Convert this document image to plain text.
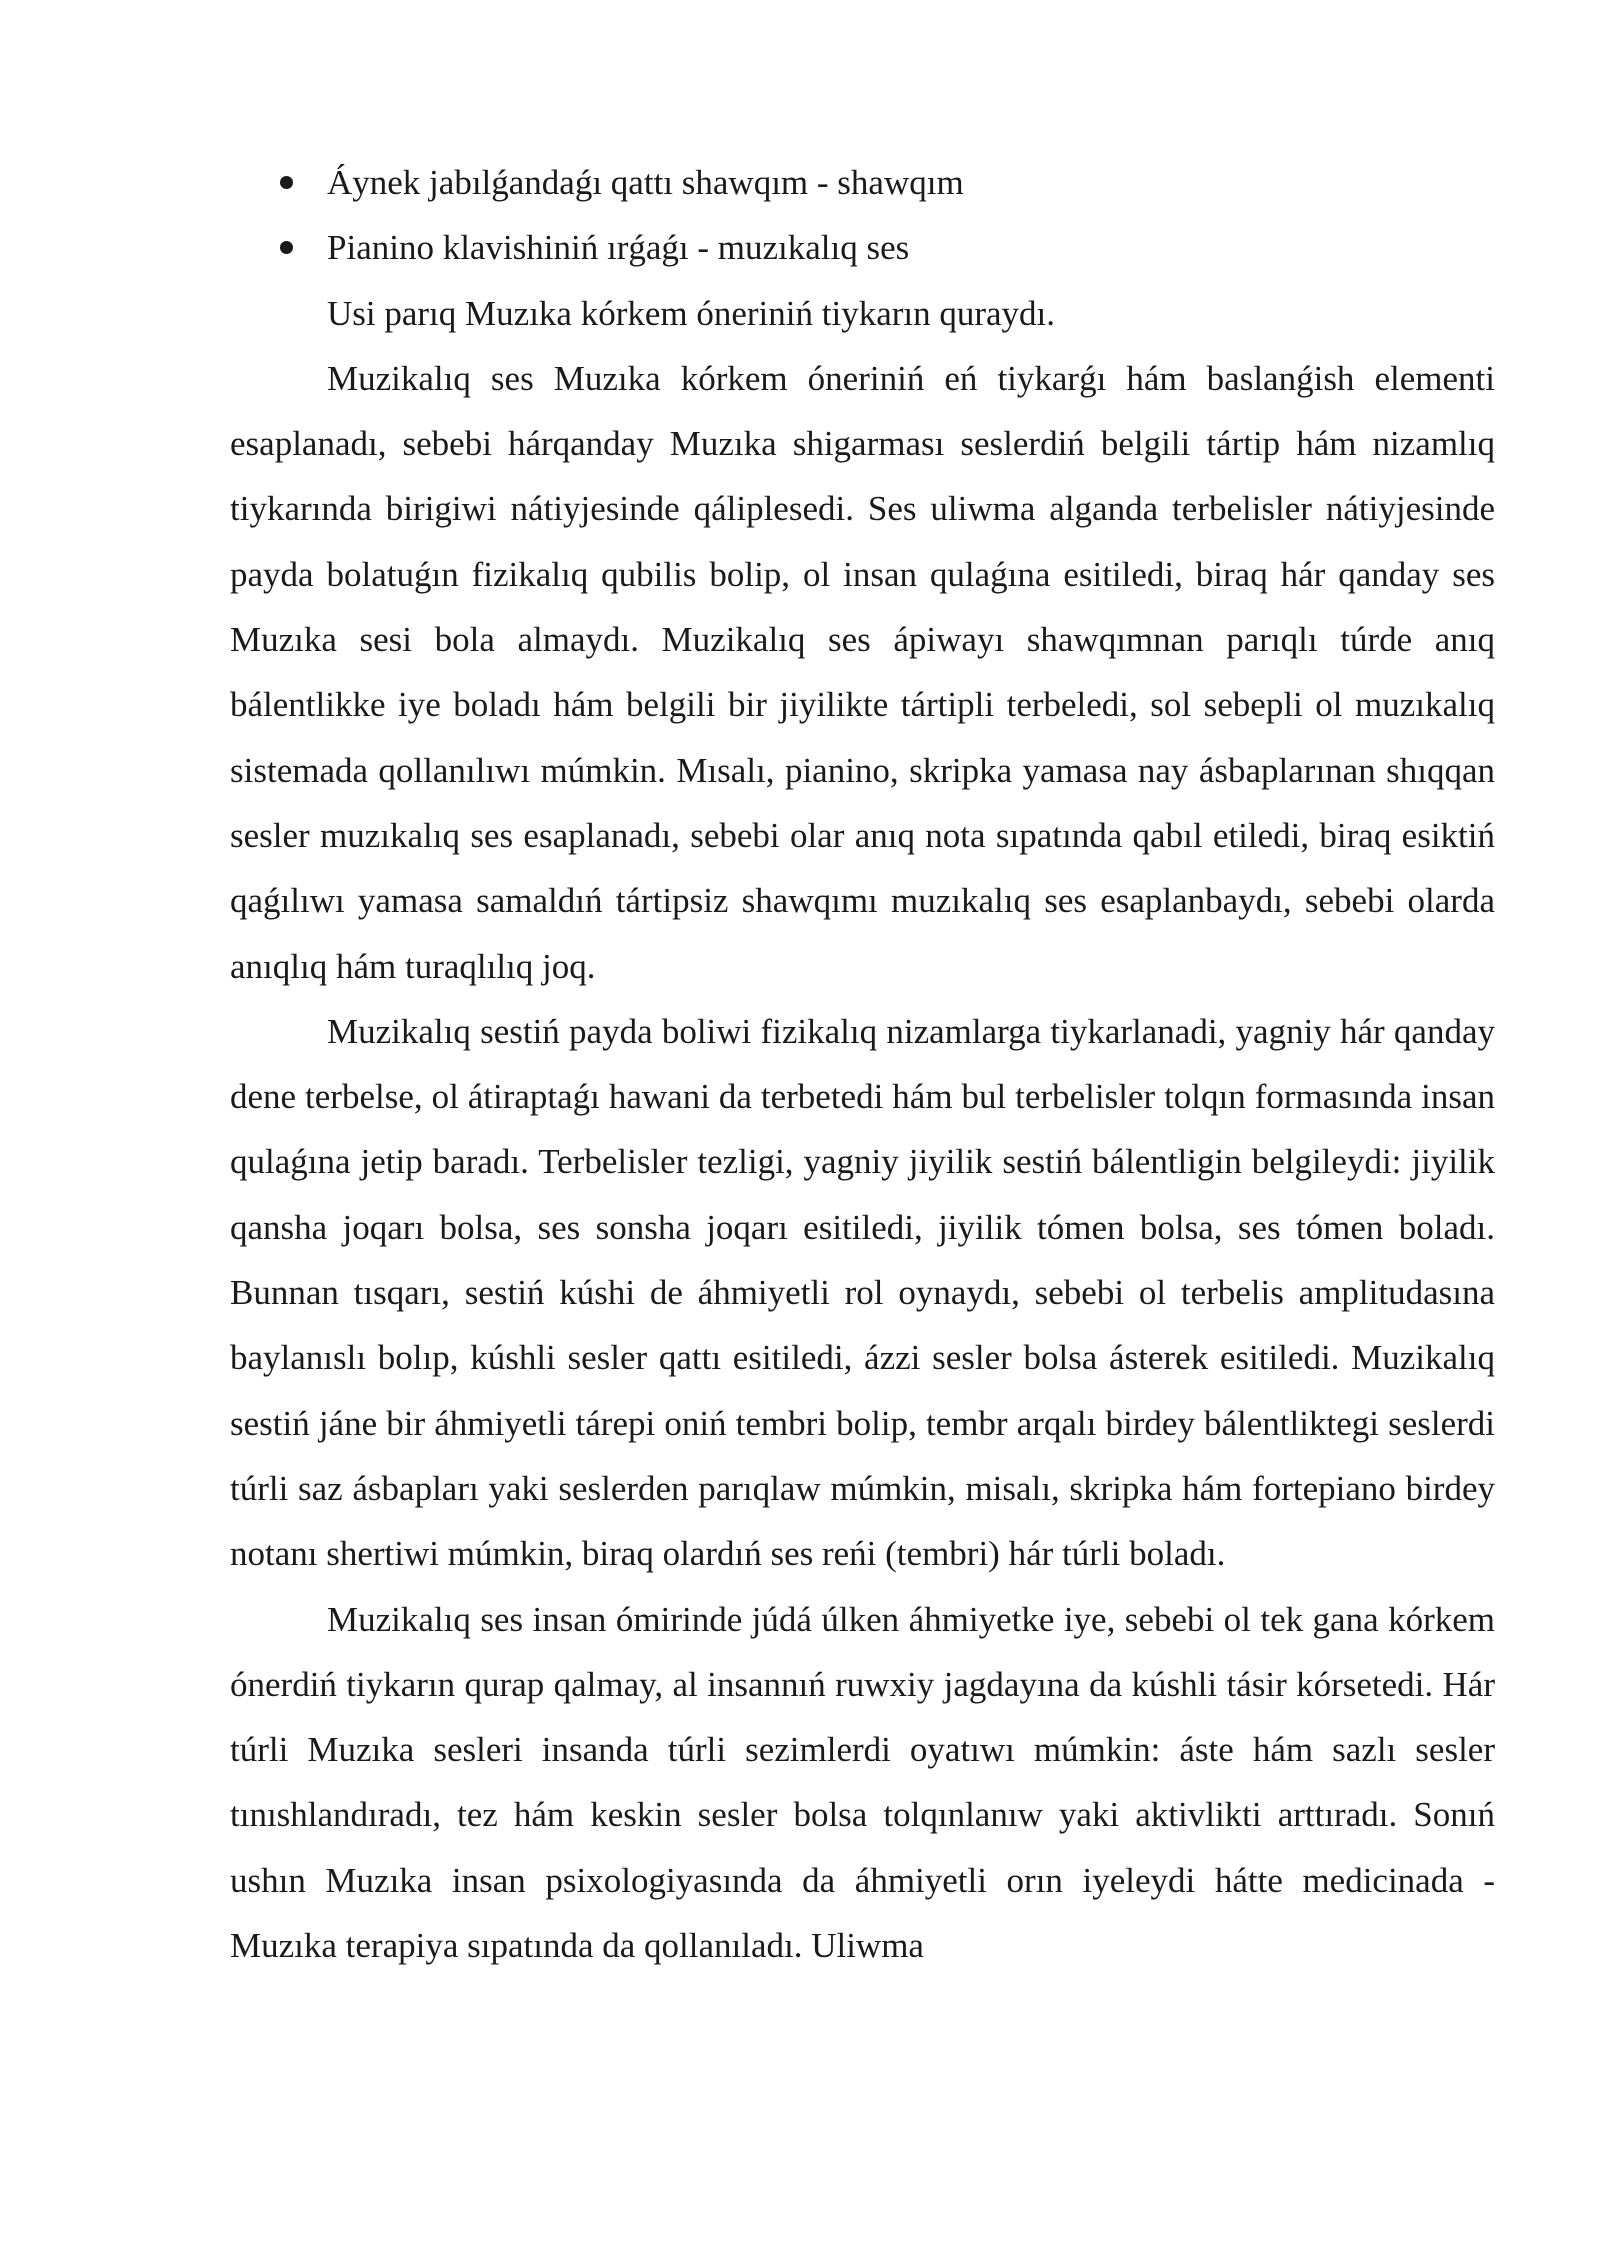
Áynek jabılǵandaǵı qattı shawqım - shawqım
Pianino klavishiniń ırǵaǵı - muzıkalıq ses

Usi parıq Muzıka kórkem óneriniń tiykarın quraydı.

Muzikalıq ses Muzıka kórkem óneriniń eń tiykarǵı hám baslanǵish elementi esaplanadı, sebebi hárqanday Muzıka shigarması seslerdiń belgili tártip hám nizamlıq tiykarında birigiwi nátiyjesinde qáliplesedi. Ses uliwma alganda terbelisler nátiyjesinde payda bolatuǵın fizikalıq qubilis bolip, ol insan qulaǵına esitiledi, biraq hár qanday ses Muzıka sesi bola almaydı. Muzikalıq ses ápiwayı shawqımnan parıqlı túrde anıq bálentlikke iye boladı hám belgili bir jiyilikte tártipli terbeledi, sol sebepli ol muzıkalıq sistemada qollanılıwı múmkin. Mısalı, pianino, skripka yamasa nay ásbaplarınan shıqqan sesler muzıkalıq ses esaplanadı, sebebi olar anıq nota sıpatında qabıl etiledi, biraq esiktiń qaǵılıwı yamasa samaldıń tártipsiz shawqımı muzıkalıq ses esaplanbaydı, sebebi olarda anıqlıq hám turaqlılıq joq.

Muzikalıq sestiń payda boliwi fizikalıq nizamlarga tiykarlanadi, yagniy hár qanday dene terbelse, ol átiraptaǵı hawani da terbetedi hám bul terbelisler tolqın formasında insan qulaǵına jetip baradı. Terbelisler tezligi, yagniy jiyilik sestiń bálentligin belgileydi: jiyilik qansha joqarı bolsa, ses sonsha joqarı esitiledi, jiyilik tómen bolsa, ses tómen boladı. Bunnan tısqarı, sestiń kúshi de áhmiyetli rol oynaydı, sebebi ol terbelis amplitudasına baylanıslı bolıp, kúshli sesler qattı esitiledi, ázzi sesler bolsa ásterek esitiledi. Muzikalıq sestiń jáne bir áhmiyetli tárepi oniń tembri bolip, tembr arqalı birdey bálentliktegi seslerdi túrli saz ásbapları yaki seslerden parıqlaw múmkin, misalı, skripka hám fortepiano birdey notanı shertiwi múmkin, biraq olardıń ses reńi (tembri) hár túrli boladı.

Muzikalıq ses insan ómirinde júdá úlken áhmiyetke iye, sebebi ol tek gana kórkem ónerdiń tiykarın qurap qalmay, al insannıń ruwxiy jagdayına da kúshli tásir kórsetedi. Hár túrli Muzıka sesleri insanda túrli sezimlerdi oyatıwı múmkin: áste hám sazlı sesler tınıshlandıradı, tez hám keskin sesler bolsa tolqınlanıw yaki aktivlikti arttıradı. Sonıń ushın Muzıka insan psixologiyasında da áhmiyetli orın iyeleydi hátte medicinada - Muzıka terapiya sıpatında da qollanıladı. Uliwma
